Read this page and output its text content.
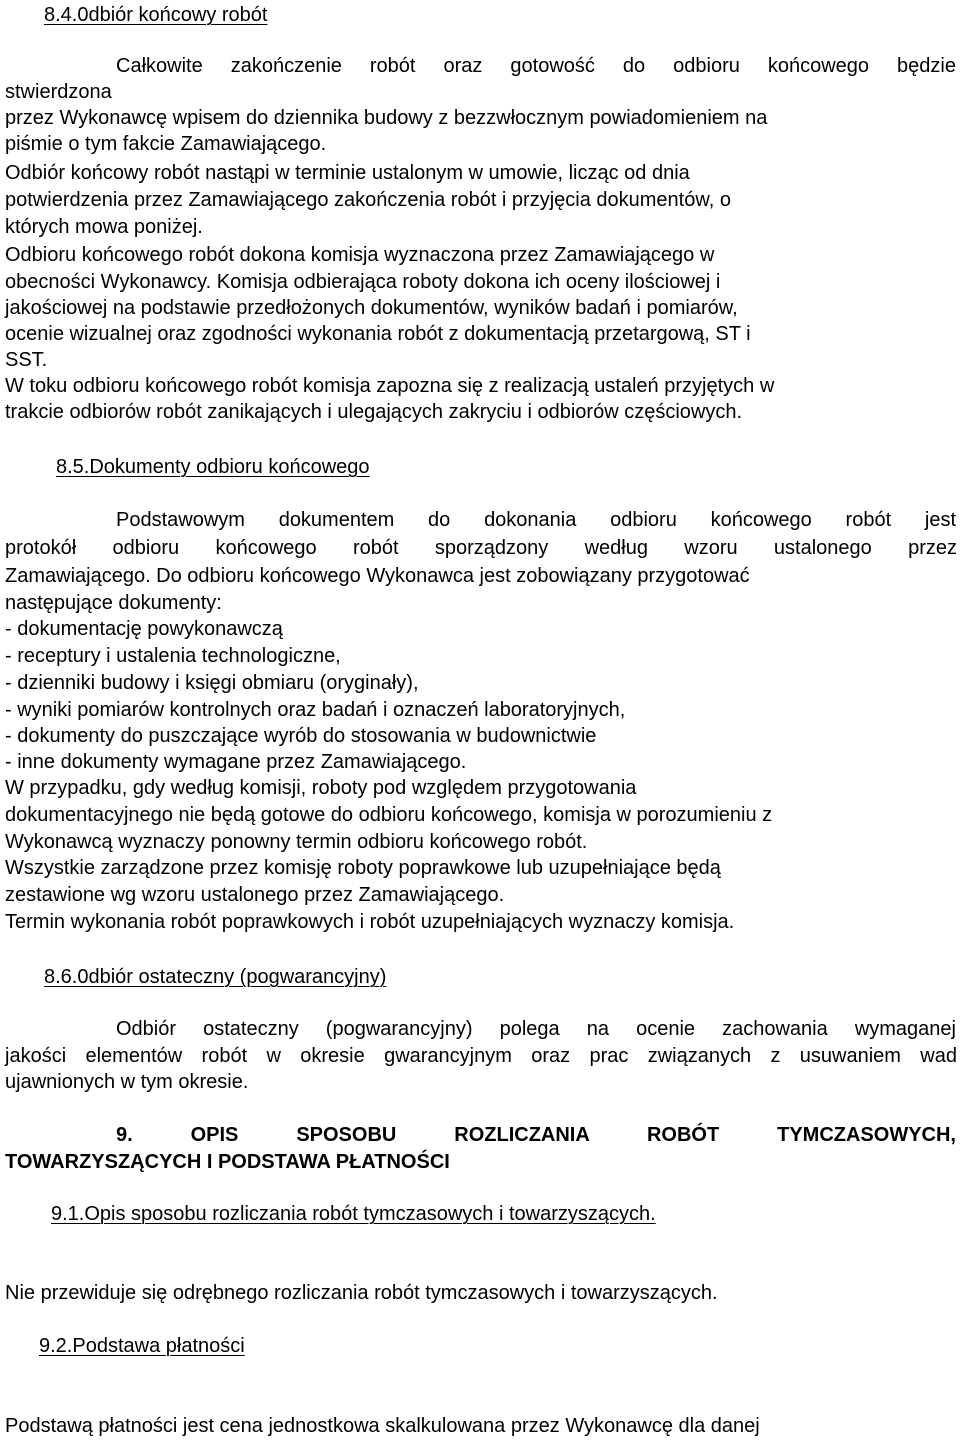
8.4.0dbiór końcowy robót
Całkowite zakończenie robót oraz gotowość do odbioru końcowego będzie
stwierdzona
przez Wykonawcę wpisem do dziennika budowy z bezzwłocznym powiadomieniem na
piśmie o tym fakcie Zamawiającego.
Odbiór końcowy robót nastąpi w terminie ustalonym w umowie, licząc od dnia
potwierdzenia przez Zamawiającego zakończenia robót i przyjęcia dokumentów, o
których mowa poniżej.
Odbioru końcowego robót dokona komisja wyznaczona przez Zamawiającego w
obecności Wykonawcy. Komisja odbierająca roboty dokona ich oceny ilościowej i
jakościowej na podstawie przedłożonych dokumentów, wyników badań i pomiarów,
ocenie wizualnej oraz zgodności wykonania robót z dokumentacją przetargową, ST i
SST.
W toku odbioru końcowego robót komisja zapozna się z realizacją ustaleń przyjętych w
trakcie odbiorów robót zanikających i ulegających zakryciu i odbiorów częściowych.
8.5.Dokumenty odbioru końcowego
Podstawowym dokumentem do dokonania odbioru końcowego robót jest
protokół odbioru końcowego robót sporządzony według wzoru ustalonego przez
Zamawiającego. Do odbioru końcowego Wykonawca jest zobowiązany przygotować
następujące dokumenty:
- dokumentację powykonawczą
- receptury i ustalenia technologiczne,
- dzienniki budowy i księgi obmiaru (oryginały),
- wyniki pomiarów kontrolnych oraz badań i oznaczeń laboratoryjnych,
- dokumenty do puszczające wyrób do stosowania w budownictwie
- inne dokumenty wymagane przez Zamawiającego.
W przypadku, gdy według komisji, roboty pod względem przygotowania
dokumentacyjnego nie będą gotowe do odbioru końcowego, komisja w porozumieniu z
Wykonawcą wyznaczy ponowny termin odbioru końcowego robót.
Wszystkie zarządzone przez komisję roboty poprawkowe lub uzupełniające będą
zestawione wg wzoru ustalonego przez Zamawiającego.
Termin wykonania robót poprawkowych i robót uzupełniających wyznaczy komisja.
8.6.0dbiór ostateczny (pogwarancyjny)
Odbiór ostateczny (pogwarancyjny) polega na ocenie zachowania wymaganej
jakości elementów robót w okresie gwarancyjnym oraz prac związanych z usuwaniem wad
ujawnionych w tym okresie.
9. OPIS SPOSOBU ROZLICZANIA ROBÓT TYMCZASOWYCH,
TOWARZYSZĄCYCH I PODSTAWA PŁATNOŚCI
9.1.Opis sposobu rozliczania robót tymczasowych i towarzyszących.
Nie przewiduje się odrębnego rozliczania robót tymczasowych i towarzyszących.
9.2.Podstawa płatności
Podstawą płatności jest cena jednostkowa skalkulowana przez Wykonawcę dla danej
